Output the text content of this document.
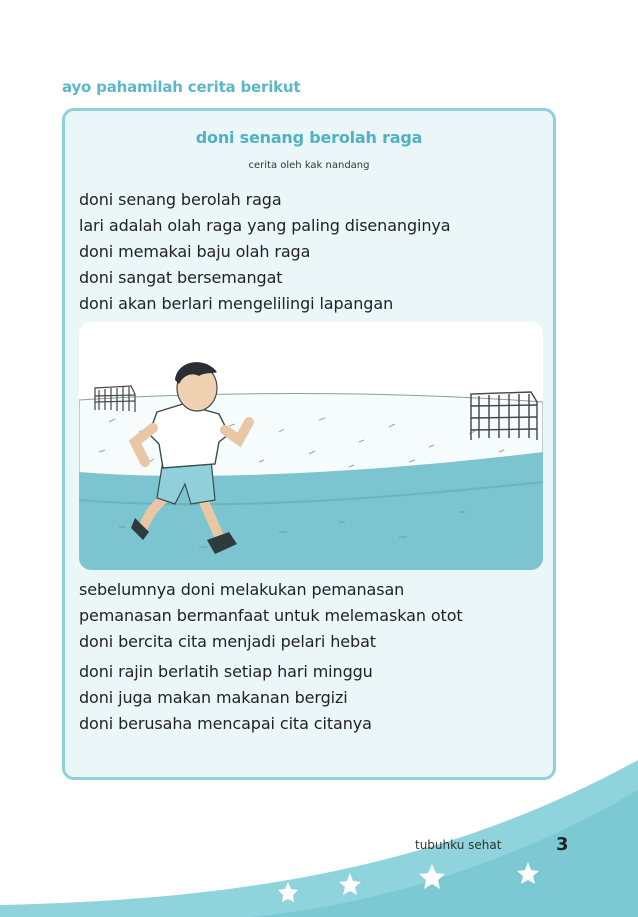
ayo pahamilah cerita berikut
doni senang berolah raga
cerita oleh kak nandang
doni senang berolah raga
lari adalah olah raga yang paling disenanginya
doni memakai baju olah raga
doni sangat bersemangat
doni akan berlari mengelilingi lapangan
sebelumnya doni melakukan pemanasan
pemanasan bermanfaat untuk melemaskan otot
doni bercita cita menjadi pelari hebat
doni rajin berlatih setiap hari minggu
doni juga makan makanan bergizi
doni berusaha mencapai cita citanya
tubuhku sehat	3
